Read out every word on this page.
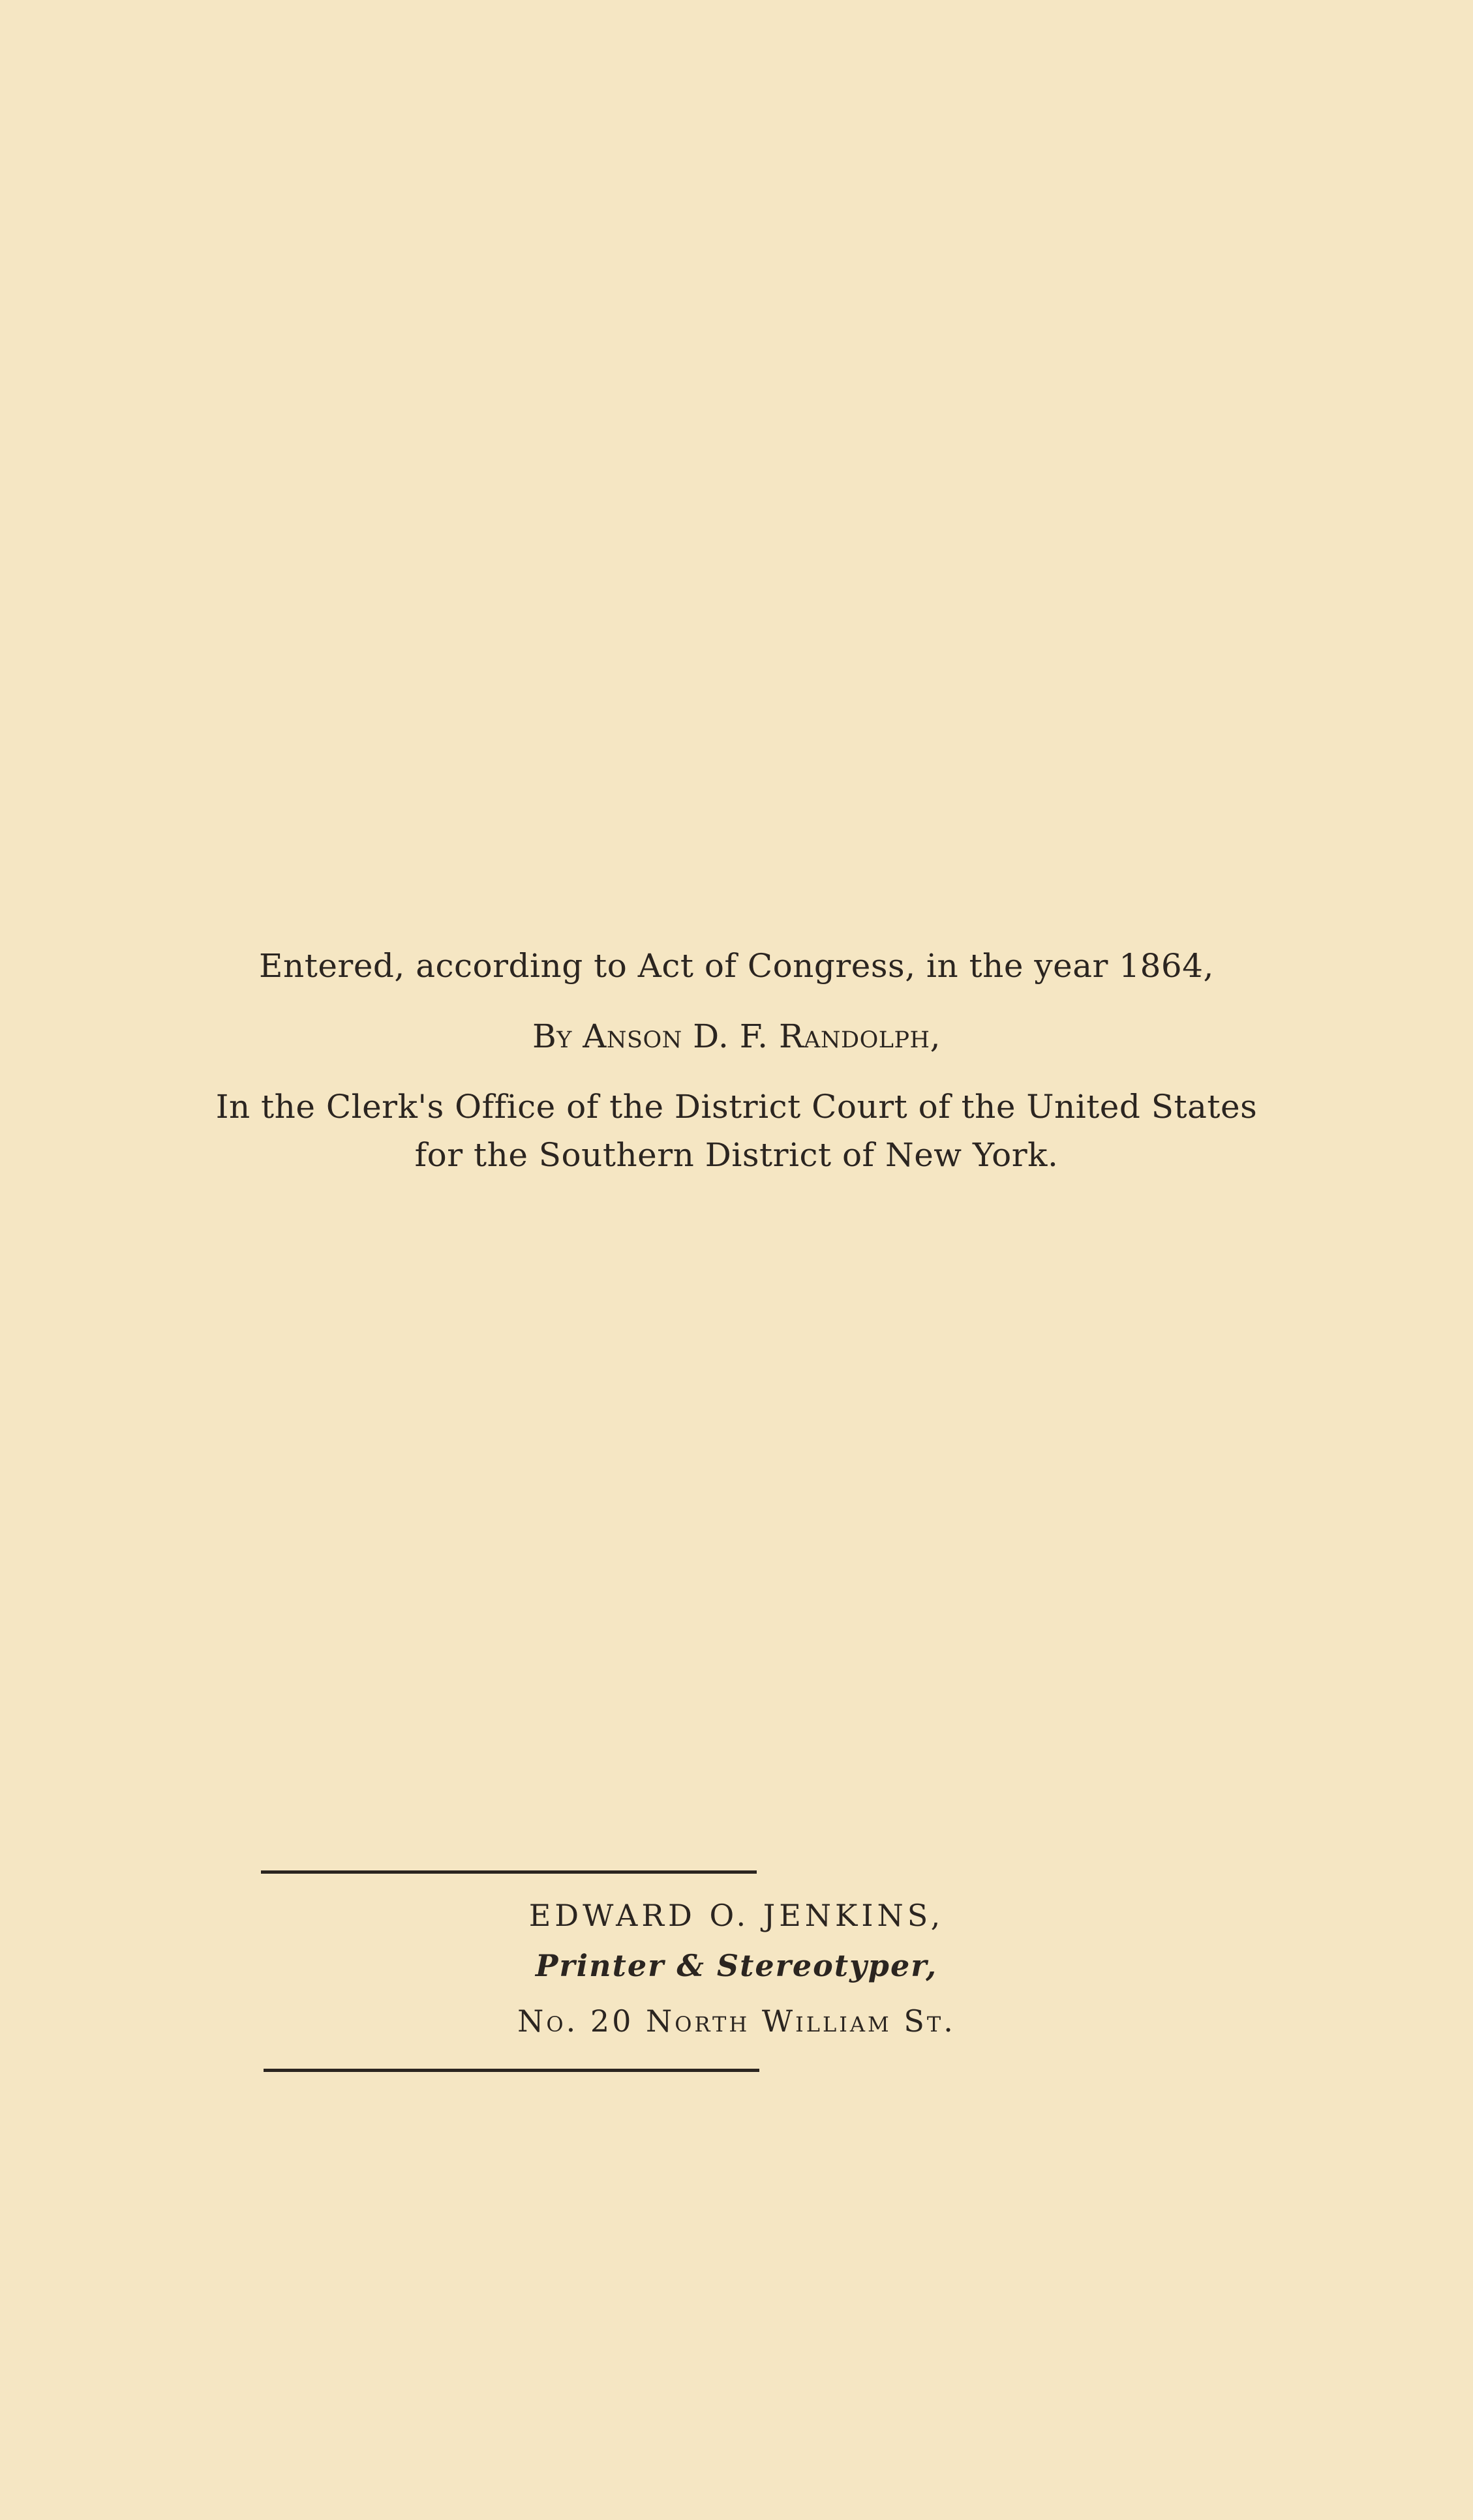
Entered, according to Act of Congress, in the year 1864,
By Anson D. F. Randolph,
In the Clerk's Office of the District Court of the United States
for the Southern District of New York.
EDWARD O. JENKINS,
Printer & Stereotyper,
No. 20 North William St.
